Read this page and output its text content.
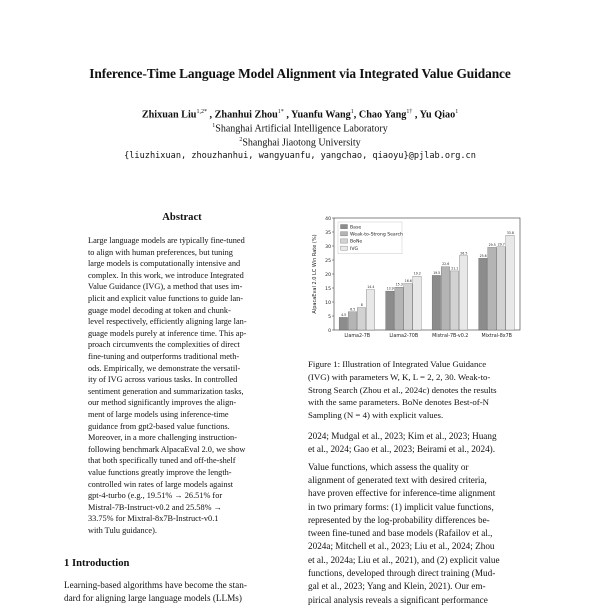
Inference-Time Language Model Alignment via Integrated Value Guidance
Zhixuan Liu$^{1,2*}$ , Zhanhui Zhou$^{1*}$ , Yuanfu Wang$^1$, Chao Yang$^{1\dagger}$ , Yu Qiao$^1$
$^1$Shanghai Artificial Intelligence Laboratory
$^2$Shanghai Jiaotong University
{liuzhixuan, zhouzhanhui, wangyuanfu, yangchao, qiaoyu}@pjlab.org.cn
Abstract
Large language models are typically fine-tuned
to align with human preferences, but tuning
large models is computationally intensive and
complex. In this work, we introduce Integrated
Value Guidance (IVG), a method that uses im-
plicit and explicit value functions to guide lan-
guage model decoding at token and chunk-
level respectively, efficiently aligning large lan-
guage models purely at inference time. This ap-
proach circumvents the complexities of direct
fine-tuning and outperforms traditional meth-
ods. Empirically, we demonstrate the versatil-
ity of IVG across various tasks. In controlled
sentiment generation and summarization tasks,
our method significantly improves the align-
ment of large models using inference-time
guidance from gpt2-based value functions.
Moreover, in a more challenging instruction-
following benchmark AlpacaEval 2.0, we show
that both specifically tuned and off-the-shelf
value functions greatly improve the length-
controlled win rates of large models against
gpt-4-turbo (e.g., 19.51% → 26.51% for
Mistral-7B-Instruct-v0.2 and 25.58% →
33.75% for Mixtral-8x7B-Instruct-v0.1
with Tulu guidance).
1 Introduction
Learning-based algorithms have become the stan-
dard for aligning large language models (LLMs)
0
5
10
15
20
25
30
35
40
AlpacaEval 2.0 LC Win Rate (%)
4.5
6.5
8
14.4
Llama2-7B
13.9
15.3
16.6
19.2
Llama2-70B
19.5
22.6
21.1
26.5
Mistral-7B-v0.2
25.6
29.5 29.7
33.8
Mixtral-8x7B
Base
Weak-to-Strong Search
BoNe
IVG
Figure 1: Illustration of Integrated Value Guidance
(IVG) with parameters W, K, L = 2, 2, 30. Weak-to-
Strong Search (Zhou et al., 2024c) denotes the results
with the same parameters. BoNe denotes Best-of-N
Sampling (N = 4) with explicit values.
2024; Mudgal et al., 2023; Kim et al., 2023; Huang
et al., 2024; Gao et al., 2023; Beirami et al., 2024).
Value functions, which assess the quality or
alignment of generated text with desired criteria,
have proven effective for inference-time alignment
in two primary forms: (1) implicit value functions,
represented by the log-probability differences be-
tween fine-tuned and base models (Rafailov et al.,
2024a; Mitchell et al., 2023; Liu et al., 2024; Zhou
et al., 2024a; Liu et al., 2021), and (2) explicit value
functions, developed through direct training (Mud-
gal et al., 2023; Yang and Klein, 2021). Our em-
pirical analysis reveals a significant performance
